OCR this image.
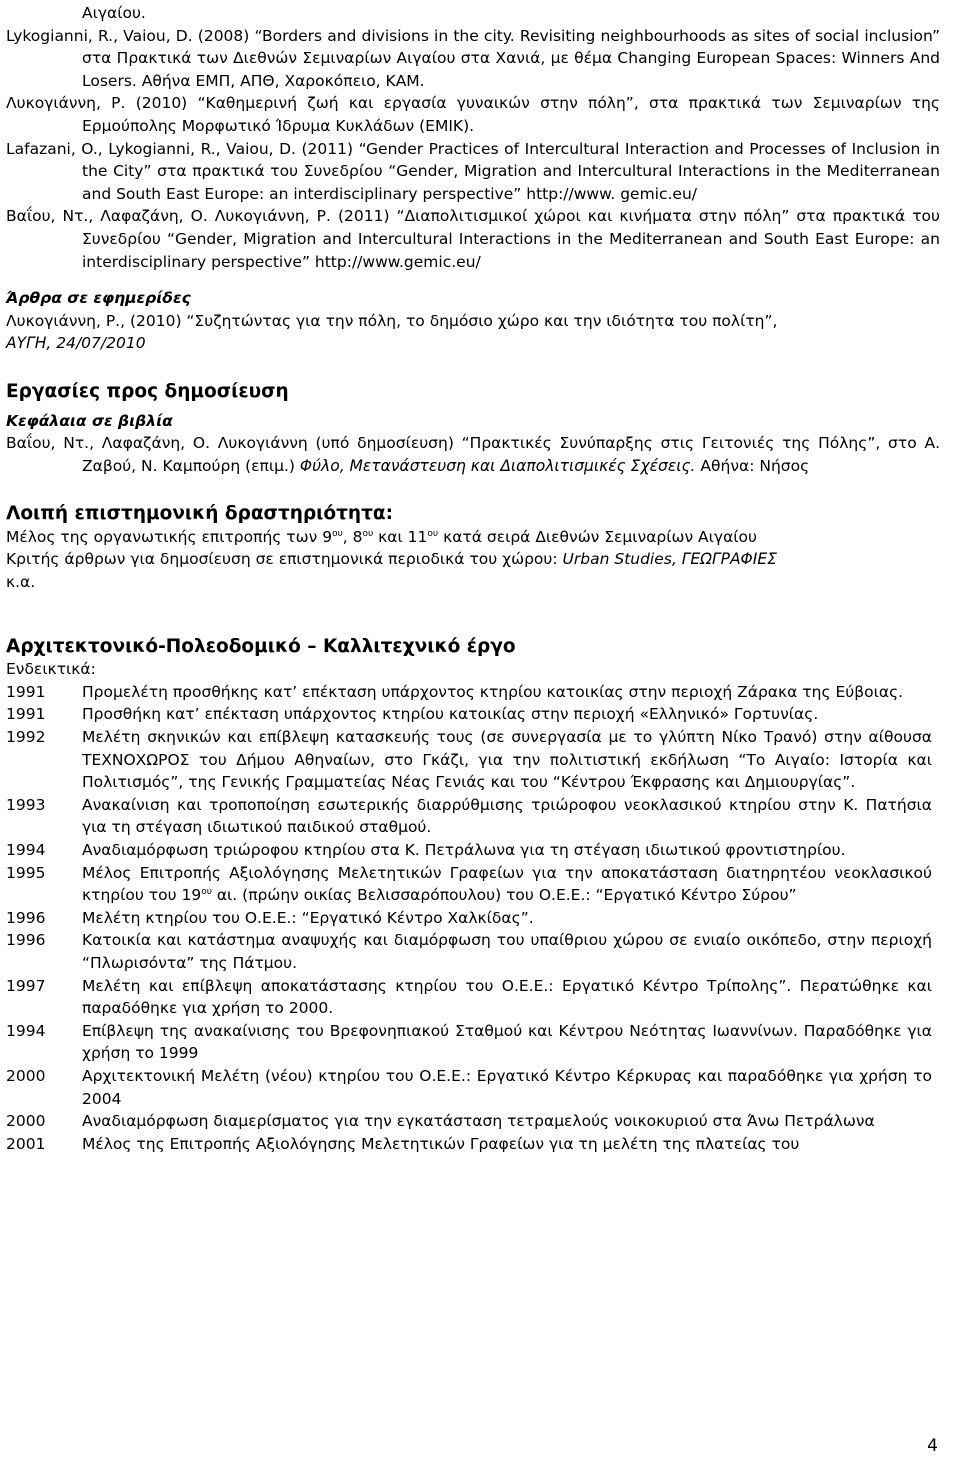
Αιγαίου.

Lykogianni, R., Vaiou, D. (2008) “Borders and divisions in the city. Revisiting neighbourhoods as sites of social inclusion” στα Πρακτικά των Διεθνών Σεμιναρίων Αιγαίου στα Χανιά, με θέμα Changing European Spaces: Winners And Losers. Αθήνα ΕΜΠ, ΑΠΘ, Χαροκόπειο, ΚΑΜ.

Λυκογιάννη, Ρ. (2010) “Καθημερινή ζωή και εργασία γυναικών στην πόλη”, στα πρακτικά των Σεμιναρίων της Ερμούπολης Μορφωτικό Ίδρυμα Κυκλάδων (ΕΜΙΚ).

Lafazani, O., Lykogianni, R., Vaiou, D. (2011) “Gender Practices of Intercultural Interaction and Processes of Inclusion in the City” στα πρακτικά του Συνεδρίου “Gender, Migration and Intercultural Interactions in the Mediterranean and South East Europe: an interdisciplinary perspective” http://www. gemic.eu/

Βαΐου, Ντ., Λαφαζάνη, Ο. Λυκογιάννη, Ρ. (2011) “Διαπολιτισμικοί χώροι και κινήματα στην πόλη” στα πρακτικά του Συνεδρίου “Gender, Migration and Intercultural Interactions in the Mediterranean and South East Europe: an interdisciplinary perspective” http://www.gemic.eu/

Άρθρα σε εφημερίδες

Λυκογιάννη, Ρ., (2010) “Συζητώντας για την πόλη, το δημόσιο χώρο και την ιδιότητα του πολίτη”,
ΑΥΓΗ, 24/07/2010

Εργασίες προς δημοσίευση

Κεφάλαια σε βιβλία

Βαΐου, Ντ., Λαφαζάνη, Ο. Λυκογιάννη (υπό δημοσίευση) “Πρακτικές Συνύπαρξης στις Γειτονιές της Πόλης”, στο Α. Ζαβού, Ν. Καμπούρη (επιμ.) Φύλο, Μετανάστευση και Διαπολιτισμικές Σχέσεις. Αθήνα: Νήσος

Λοιπή επιστημονική δραστηριότητα:

Μέλος της οργανωτικής επιτροπής των $9^{o\upsilon}$, $8^{o\upsilon}$ και $11^{o\upsilon}$ κατά σειρά Διεθνών Σεμιναρίων Αιγαίου

Κριτής άρθρων για δημοσίευση σε επιστημονικά περιοδικά του χώρου: Urban Studies, ΓΕΩΓΡΑΦΙΕΣ

κ.α.

Αρχιτεκτονικό-Πολεοδομικό – Καλλιτεχνικό έργο

Ενδεικτικά:

1991	Προμελέτη προσθήκης κατ’ επέκταση υπάρχοντος κτηρίου κατοικίας στην περιοχή Ζάρακα της Εύβοιας.
1991	Προσθήκη κατ’ επέκταση υπάρχοντος κτηρίου κατοικίας στην περιοχή «Ελληνικό» Γορτυνίας.
1992	Μελέτη σκηνικών και επίβλεψη κατασκευής τους (σε συνεργασία με το γλύπτη Νίκο Τρανό) στην αίθουσα ΤΕΧΝΟΧΩΡΟΣ του Δήμου Αθηναίων, στο Γκάζι, για την πολιτιστική εκδήλωση “Το Αιγαίο: Ιστορία και Πολιτισμός”, της Γενικής Γραμματείας Νέας Γενιάς και του “Κέντρου Έκφρασης και Δημιουργίας”.
1993	Ανακαίνιση και τροποποίηση εσωτερικής διαρρύθμισης τριώροφου νεοκλασικού κτηρίου στην Κ. Πατήσια για τη στέγαση ιδιωτικού παιδικού σταθμού.
1994	Αναδιαμόρφωση τριώροφου κτηρίου στα Κ. Πετράλωνα για τη στέγαση ιδιωτικού φροντιστηρίου.
1995	Μέλος Επιτροπής Αξιολόγησης Μελετητικών Γραφείων για την αποκατάσταση διατηρητέου νεοκλασικού κτηρίου του $19^{o\upsilon}$ αι. (πρώην οικίας Βελισσαρόπουλου) του Ο.Ε.Ε.: “Εργατικό Κέντρο Σύρου”
1996	Μελέτη κτηρίου του Ο.Ε.Ε.: “Εργατικό Κέντρο Χαλκίδας”.
1996	Κατοικία και κατάστημα αναψυχής και διαμόρφωση του υπαίθριου χώρου σε ενιαίο οικόπεδο, στην περιοχή “Πλωρισόντα” της Πάτμου.
1997	Μελέτη και επίβλεψη αποκατάστασης κτηρίου του Ο.Ε.Ε.: Εργατικό Κέντρο Τρίπολης”. Περατώθηκε και παραδόθηκε για χρήση το 2000.
1994	Επίβλεψη της ανακαίνισης του Βρεφονηπιακού Σταθμού και Κέντρου Νεότητας Ιωαννίνων. Παραδόθηκε για χρήση το 1999
2000	Αρχιτεκτονική Μελέτη (νέου) κτηρίου του Ο.Ε.Ε.: Εργατικό Κέντρο Κέρκυρας και παραδόθηκε για χρήση το 2004
2000	Αναδιαμόρφωση διαμερίσματος για την εγκατάσταση τετραμελούς νοικοκυριού στα Άνω Πετράλωνα
2001	Μέλος της Επιτροπής Αξιολόγησης Μελετητικών Γραφείων για τη μελέτη της πλατείας του
4
